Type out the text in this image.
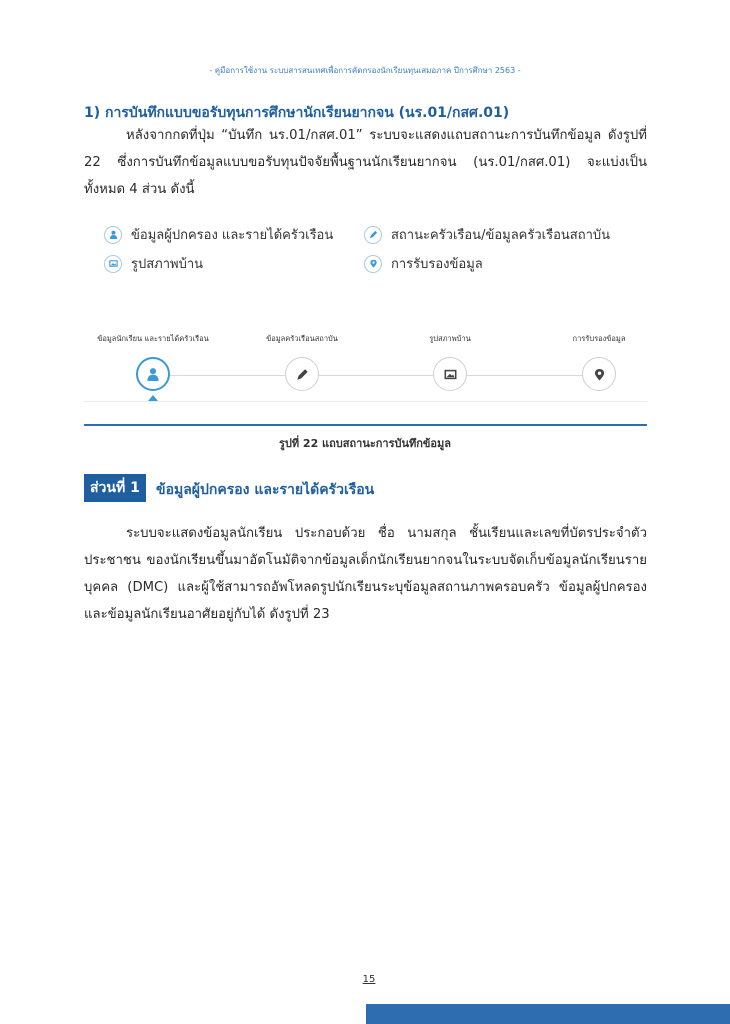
- คู่มือการใช้งาน ระบบสารสนเทศเพื่อการคัดกรองนักเรียนทุนเสมอภาค ปีการศึกษา 2563 -
1) การบันทึกแบบขอรับทุนการศึกษานักเรียนยากจน (นร.01/กสศ.01)
หลังจากกดที่ปุ่ม “บันทึก นร.01/กสศ.01” ระบบจะแสดงแถบสถานะการบันทึกข้อมูล ดังรูปที่ 22 ซึ่งการบันทึกข้อมูลแบบขอรับทุนปัจจัยพื้นฐานนักเรียนยากจน (นร.01/กสศ.01) จะแบ่งเป็นทั้งหมด 4 ส่วน ดังนี้
ข้อมูลผู้ปกครอง และรายได้ครัวเรือน	สถานะครัวเรือน/ข้อมูลครัวเรือนสถาบัน
รูปสภาพบ้าน	การรับรองข้อมูล
ข้อมูลนักเรียน และรายได้ครัวเรือน	ข้อมูลครัวเรือนสถาบัน	รูปสภาพบ้าน	การรับรองข้อมูล
รูปที่ 22 แถบสถานะการบันทึกข้อมูล
ส่วนที่ 1	ข้อมูลผู้ปกครอง และรายได้ครัวเรือน
ระบบจะแสดงข้อมูลนักเรียน ประกอบด้วย ชื่อ นามสกุล ชั้นเรียนและเลขที่บัตรประจำตัวประชาชน ของนักเรียนขึ้นมาอัตโนมัติจากข้อมูลเด็กนักเรียนยากจนในระบบจัดเก็บข้อมูลนักเรียนรายบุคคล (DMC) และผู้ใช้สามารถอัพโหลดรูปนักเรียนระบุข้อมูลสถานภาพครอบครัว ข้อมูลผู้ปกครองและข้อมูลนักเรียนอาศัยอยู่กับได้ ดังรูปที่ 23
15
